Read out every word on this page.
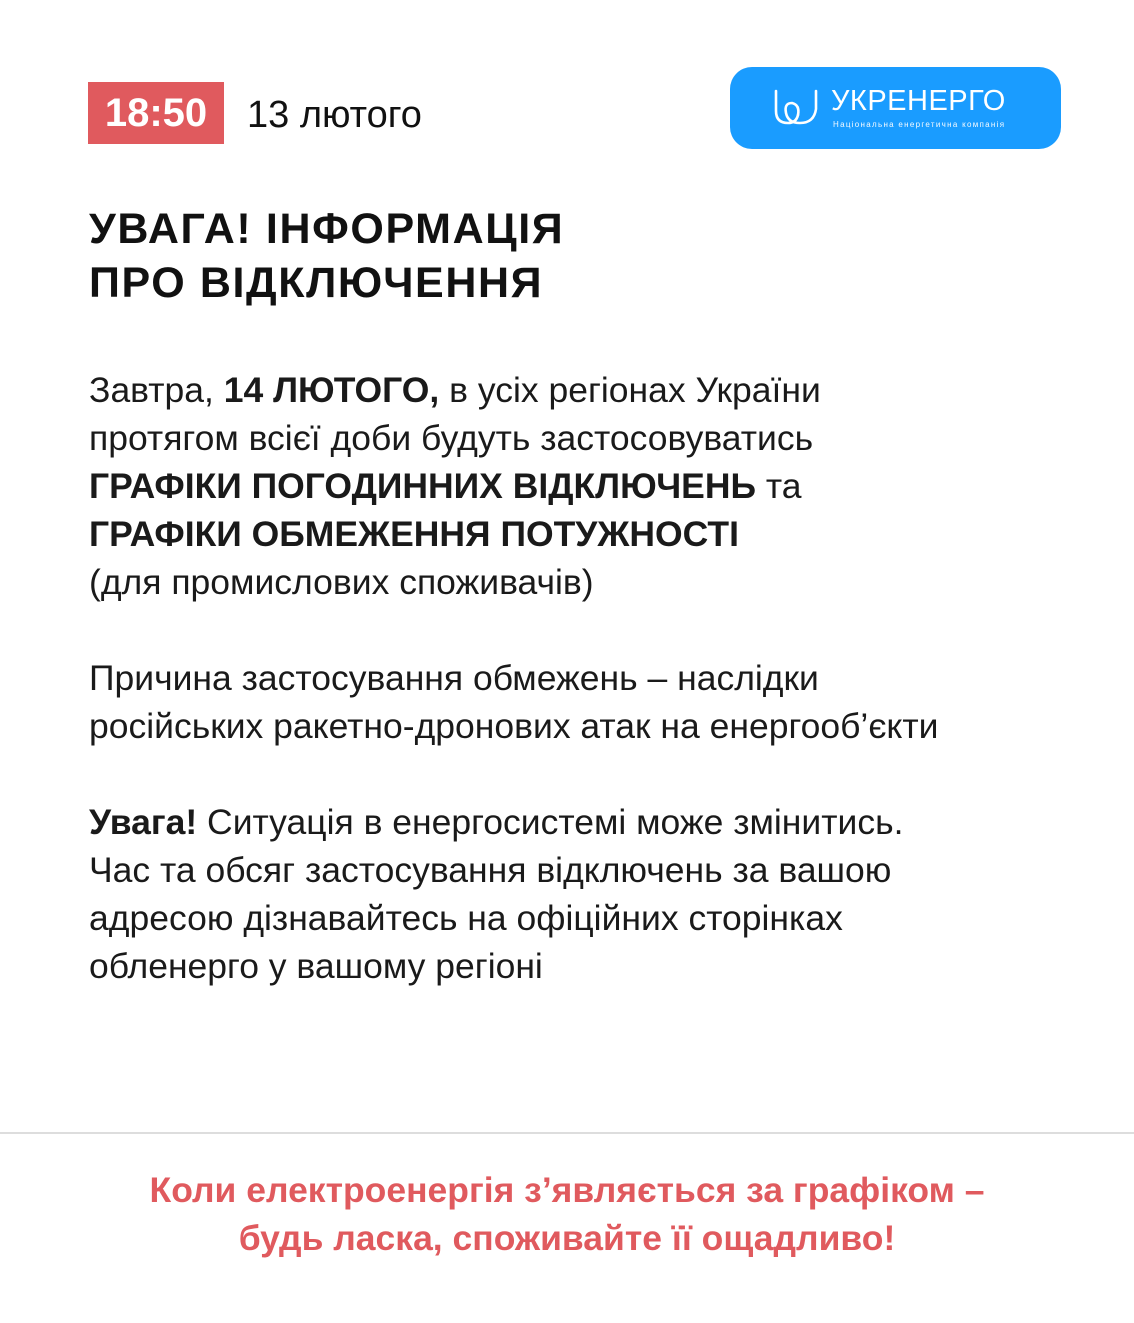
18:50	13 лютого	УКРЕНЕРГО
Національна енергетична компанія
УВАГА! ІНФОРМАЦІЯ
ПРО ВІДКЛЮЧЕННЯ
Завтра, 14 ЛЮТОГО, в усіх регіонах України
протягом всієї доби будуть застосовуватись
ГРАФІКИ ПОГОДИННИХ ВІДКЛЮЧЕНЬ та
ГРАФІКИ ОБМЕЖЕННЯ ПОТУЖНОСТІ
(для промислових споживачів)
Причина застосування обмежень – наслідки
російських ракетно-дронових атак на енергооб’єкти
Увага! Ситуація в енергосистемі може змінитись.
Час та обсяг застосування відключень за вашою
адресою дізнавайтесь на офіційних сторінках
обленерго у вашому регіоні
Коли електроенергія з’являється за графіком –
будь ласка, споживайте її ощадливо!
